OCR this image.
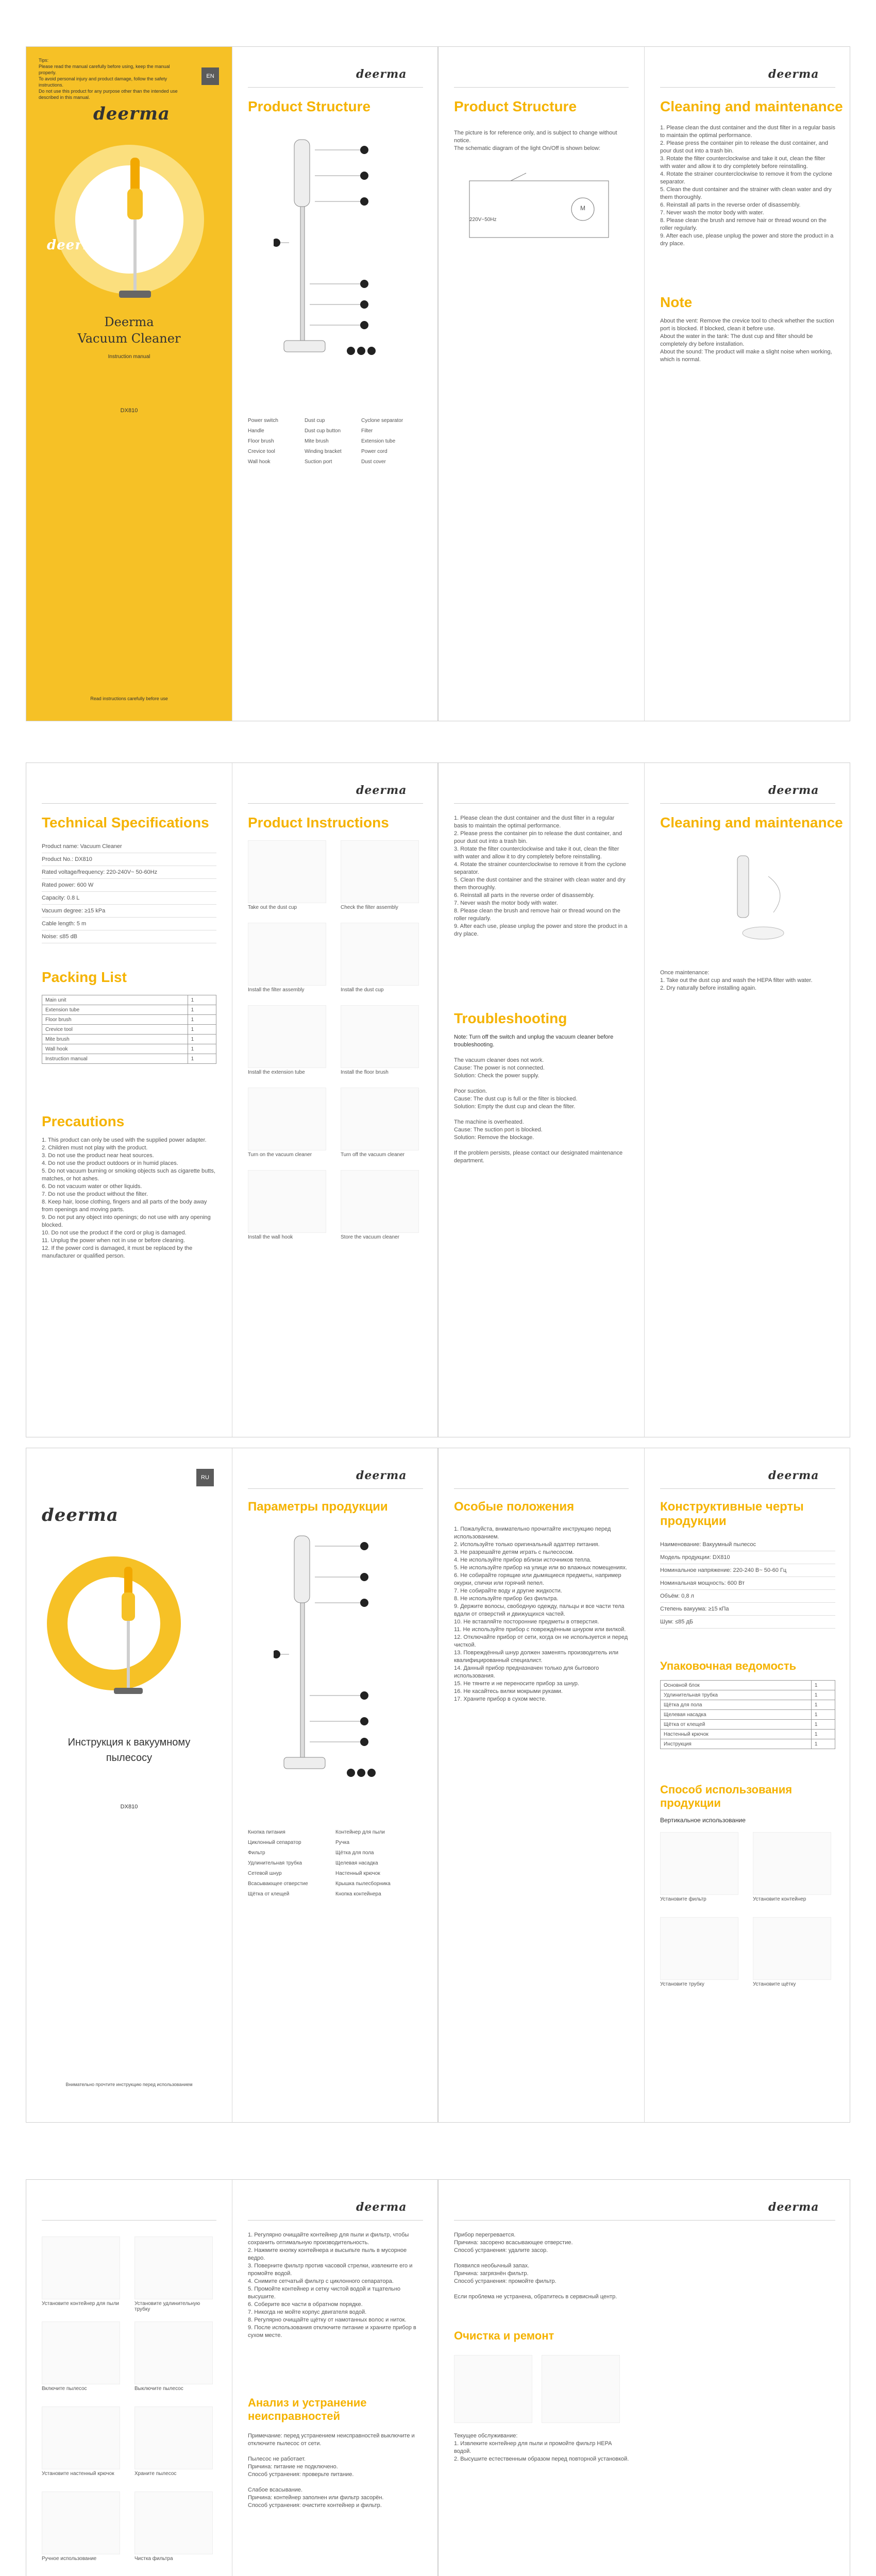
Tips:
Please read the manual carefully before using, keep the manual properly.
To avoid personal injury and product damage, follow the safety instructions.
Do not use this product for any purpose other than the intended use described in this manual.
EN
deerma
deerma
Deerma
Vacuum Cleaner
Instruction manual
DX810
Read instructions carefully before use
deerma
Product Structure
Power switch	Dust cup	Cyclone separator
Handle	Dust cup button	Filter
Floor brush	Mite brush	Extension tube
Crevice tool	Winding bracket	Power cord
Wall hook	Suction port	Dust cover
Product Structure
The picture is for reference only, and is subject to change without notice.
The schematic diagram of the light On/Off is shown below:
220V~50Hz
M
deerma
Cleaning and maintenance
1. Please clean the dust container and the dust filter in a regular basis to maintain the optimal performance.
2. Please press the container pin to release the dust container, and pour dust out into a trash bin.
3. Rotate the filter counterclockwise and take it out, clean the filter with water and allow it to dry completely before reinstalling.
4. Rotate the strainer counterclockwise to remove it from the cyclone separator.
5. Clean the dust container and the strainer with clean water and dry them thoroughly.
6. Reinstall all parts in the reverse order of disassembly.
7. Never wash the motor body with water.
8. Please clean the brush and remove hair or thread wound on the roller regularly.
9. After each use, please unplug the power and store the product in a dry place.
Note
About the vent: Remove the crevice tool to check whether the suction port is blocked. If blocked, clean it before use.
About the water in the tank: The dust cup and filter should be completely dry before installation.
About the sound: The product will make a slight noise when working, which is normal.
Technical Specifications
Product name: Vacuum Cleaner
Product No.: DX810
Rated voltage/frequency: 220-240V~ 50-60Hz
Rated power: 600 W
Capacity: 0.8 L
Vacuum degree: ≥15 kPa
Cable length: 5 m
Noise: ≤85 dB
Packing List
Main unit	1
Extension tube	1
Floor brush	1
Crevice tool	1
Mite brush	1
Wall hook	1
Instruction manual	1
Precautions
1. This product can only be used with the supplied power adapter.
2. Children must not play with the product.
3. Do not use the product near heat sources.
4. Do not use the product outdoors or in humid places.
5. Do not vacuum burning or smoking objects such as cigarette butts, matches, or hot ashes.
6. Do not vacuum water or other liquids.
7. Do not use the product without the filter.
8. Keep hair, loose clothing, fingers and all parts of the body away from openings and moving parts.
9. Do not put any object into openings; do not use with any opening blocked.
10. Do not use the product if the cord or plug is damaged.
11. Unplug the power when not in use or before cleaning.
12. If the power cord is damaged, it must be replaced by the manufacturer or qualified person.
deerma
Product Instructions
Take out the dust cup	Check the filter assembly
Install the filter assembly	Install the dust cup
Install the extension tube	Install the floor brush
Turn on the vacuum cleaner	Turn off the vacuum cleaner
Install the wall hook	Store the vacuum cleaner
1. Please clean the dust container and the dust filter in a regular basis to maintain the optimal performance.
2. Please press the container pin to release the dust container, and pour dust out into a trash bin.
3. Rotate the filter counterclockwise and take it out, clean the filter with water and allow it to dry completely before reinstalling.
4. Rotate the strainer counterclockwise to remove it from the cyclone separator.
5. Clean the dust container and the strainer with clean water and dry them thoroughly.
6. Reinstall all parts in the reverse order of disassembly.
7. Never wash the motor body with water.
8. Please clean the brush and remove hair or thread wound on the roller regularly.
9. After each use, please unplug the power and store the product in a dry place.
Troubleshooting
Note: Turn off the switch and unplug the vacuum cleaner before troubleshooting.
The vacuum cleaner does not work.
Cause: The power is not connected.
Solution: Check the power supply.

Poor suction.
Cause: The dust cup is full or the filter is blocked.
Solution: Empty the dust cup and clean the filter.

The machine is overheated.
Cause: The suction port is blocked.
Solution: Remove the blockage.

If the problem persists, please contact our designated maintenance department.
deerma
Cleaning and maintenance
Once maintenance:
1. Take out the dust cup and wash the HEPA filter with water.
2. Dry naturally before installing again.
RU
deerma
Инструкция к вакуумному
пылесосу
DX810
Внимательно прочтите инструкцию перед использованием
deerma
Параметры продукции
Кнопка питания	Контейнер для пыли
Циклонный сепаратор	Ручка
Фильтр	Щётка для пола
Удлинительная трубка	Щелевая насадка
Сетевой шнур	Настенный крючок
Всасывающее отверстие	Крышка пылесборника
Щётка от клещей	Кнопка контейнера
Особые положения
1. Пожалуйста, внимательно прочитайте инструкцию перед использованием.
2. Используйте только оригинальный адаптер питания.
3. Не разрешайте детям играть с пылесосом.
4. Не используйте прибор вблизи источников тепла.
5. Не используйте прибор на улице или во влажных помещениях.
6. Не собирайте горящие или дымящиеся предметы, например окурки, спички или горячий пепел.
7. Не собирайте воду и другие жидкости.
8. Не используйте прибор без фильтра.
9. Держите волосы, свободную одежду, пальцы и все части тела вдали от отверстий и движущихся частей.
10. Не вставляйте посторонние предметы в отверстия.
11. Не используйте прибор с повреждённым шнуром или вилкой.
12. Отключайте прибор от сети, когда он не используется и перед чисткой.
13. Повреждённый шнур должен заменять производитель или квалифицированный специалист.
14. Данный прибор предназначен только для бытового использования.
15. Не тяните и не переносите прибор за шнур.
16. Не касайтесь вилки мокрыми руками.
17. Храните прибор в сухом месте.
deerma
Конструктивные черты продукции
Наименование: Вакуумный пылесос
Модель продукции: DX810
Номинальное напряжение: 220-240 В~ 50-60 Гц
Номинальная мощность: 600 Вт
Объём: 0,8 л
Степень вакуума: ≥15 кПа
Шум: ≤85 дБ
Упаковочная ведомость
Основной блок	1
Удлинительная трубка	1
Щётка для пола	1
Щелевая насадка	1
Щётка от клещей	1
Настенный крючок	1
Инструкция	1
Способ использования продукции
Вертикальное использование
Установите фильтр	Установите контейнер
Установите трубку	Установите щётку
Установите контейнер для пыли	Установите удлинительную трубку
Включите пылесос	Выключите пылесос
Установите настенный крючок	Храните пылесос
Ручное использование	Чистка фильтра
deerma
1. Регулярно очищайте контейнер для пыли и фильтр, чтобы сохранить оптимальную производительность.
2. Нажмите кнопку контейнера и высыпьте пыль в мусорное ведро.
3. Поверните фильтр против часовой стрелки, извлеките его и промойте водой.
4. Снимите сетчатый фильтр с циклонного сепаратора.
5. Промойте контейнер и сетку чистой водой и тщательно высушите.
6. Соберите все части в обратном порядке.
7. Никогда не мойте корпус двигателя водой.
8. Регулярно очищайте щётку от намотанных волос и ниток.
9. После использования отключите питание и храните прибор в сухом месте.
Анализ и устранение неисправностей
Примечание: перед устранением неисправностей выключите и отключите пылесос от сети.

Пылесос не работает.
Причина: питание не подключено.
Способ устранения: проверьте питание.

Слабое всасывание.
Причина: контейнер заполнен или фильтр засорён.
Способ устранения: очистите контейнер и фильтр.
deerma
Прибор перегревается.
Причина: засорено всасывающее отверстие.
Способ устранения: удалите засор.

Появился необычный запах.
Причина: загрязнён фильтр.
Способ устранения: промойте фильтр.

Если проблема не устранена, обратитесь в сервисный центр.
Очистка и ремонт
Текущее обслуживание:
1. Извлеките контейнер для пыли и промойте фильтр HEPA водой.
2. Высушите естественным образом перед повторной установкой.
